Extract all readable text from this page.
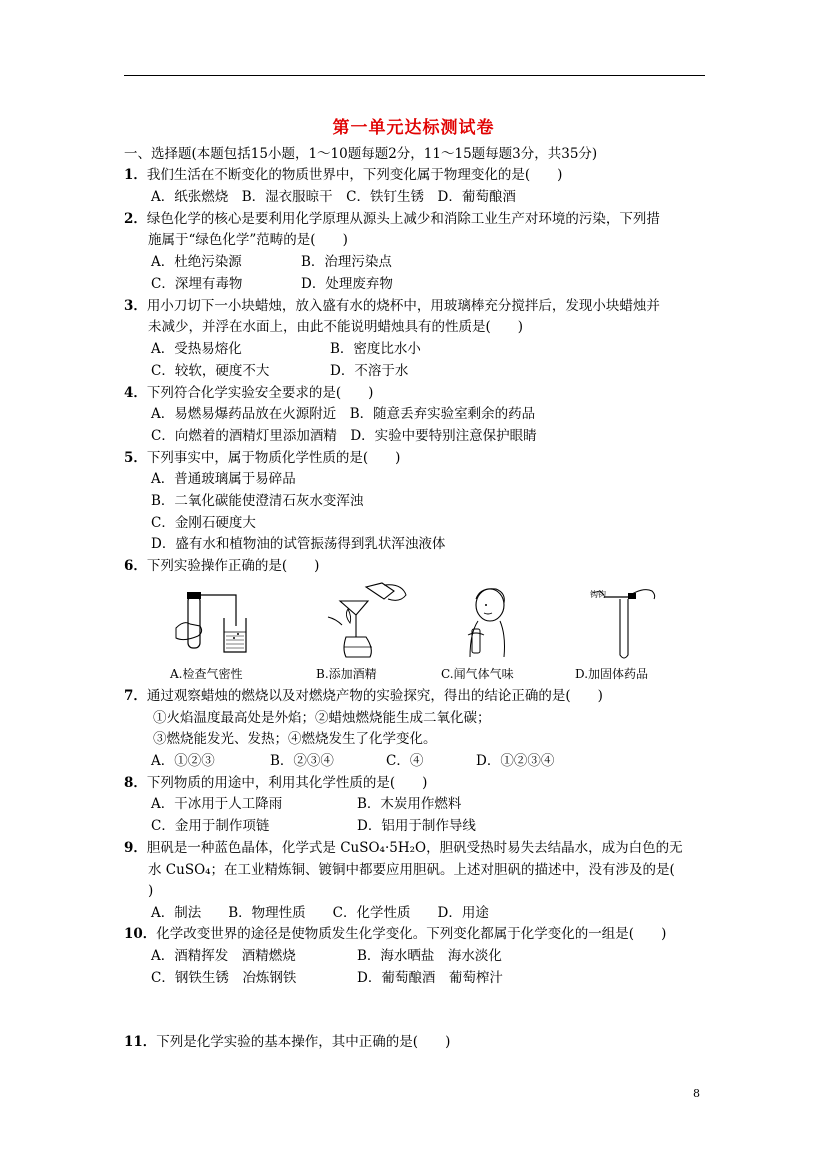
第一单元达标测试卷
一、选择题(本题包括15小题，1～10题每题2分，11～15题每题3分，共35分)
1．我们生活在不断变化的物质世界中，下列变化属于物理变化的是(　　)
A．纸张燃烧　B．湿衣服晾干　C．铁钉生锈　D．葡萄酿酒
2．绿色化学的核心是要利用化学原理从源头上减少和消除工业生产对环境的污染，下列措
施属于“绿色化学”范畴的是(　　)
A．杜绝污染源	B．治理污染点
C．深埋有毒物	D．处理废弃物
3．用小刀切下一小块蜡烛，放入盛有水的烧杯中，用玻璃棒充分搅拌后，发现小块蜡烛并
未减少，并浮在水面上，由此不能说明蜡烛具有的性质是(　　)
A．受热易熔化	B．密度比水小
C．较软，硬度不大	D．不溶于水
4．下列符合化学实验安全要求的是(　　)
A．易燃易爆药品放在火源附近　B．随意丢弃实验室剩余的药品
C．向燃着的酒精灯里添加酒精　D．实验中要特别注意保护眼睛
5．下列事实中，属于物质化学性质的是(　　)
A．普通玻璃属于易碎品
B．二氧化碳能使澄清石灰水变浑浊
C．金刚石硬度大
D．盛有水和植物油的试管振荡得到乳状浑浊液体
6．下列实验操作正确的是(　　)
A.检查气密性	B.添加酒精	C.闻气体气味
钩钩
D.加固体药品
7．通过观察蜡烛的燃烧以及对燃烧产物的实验探究，得出的结论正确的是(　　)
①火焰温度最高处是外焰；②蜡烛燃烧能生成二氧化碳；
③燃烧能发光、发热；④燃烧发生了化学变化。
A．①②③	B．②③④	C．④	D．①②③④
8．下列物质的用途中，利用其化学性质的是(　　)
A．干冰用于人工降雨	B．木炭用作燃料
C．金用于制作项链	D．铝用于制作导线
9．胆矾是一种蓝色晶体，化学式是 CuSO₄·5H₂O，胆矾受热时易失去结晶水，成为白色的无
水 CuSO₄；在工业精炼铜、镀铜中都要应用胆矾。上述对胆矾的描述中，没有涉及的是(
)
A．制法　　B．物理性质　　C．化学性质　　D．用途
10．化学改变世界的途径是使物质发生化学变化。下列变化都属于化学变化的一组是(　　)
A．酒精挥发　酒精燃烧	B．海水晒盐　海水淡化
C．钢铁生锈　冶炼钢铁	D．葡萄酿酒　葡萄榨汁
11．下列是化学实验的基本操作，其中正确的是(　　)
8
